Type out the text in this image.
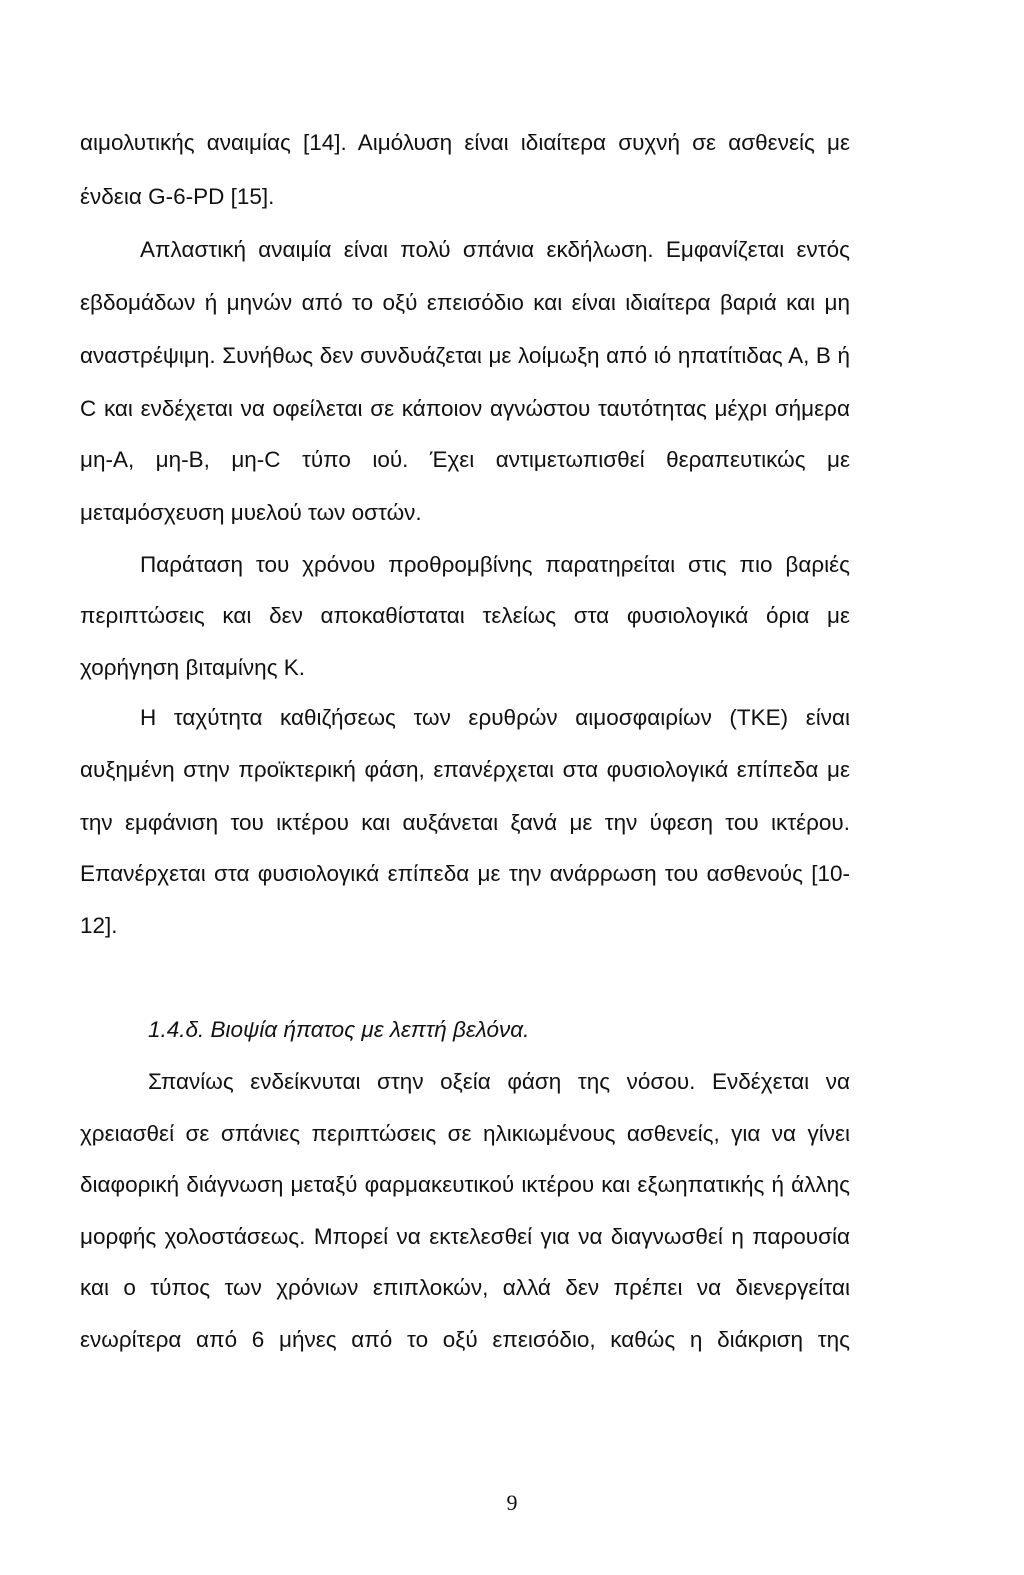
αιμολυτικής αναιμίας [14]. Αιμόλυση είναι ιδιαίτερα συχνή σε ασθενείς με
ένδεια G-6-PD [15].
Απλαστική αναιμία είναι πολύ σπάνια εκδήλωση. Εμφανίζεται εντός
εβδομάδων ή μηνών από το οξύ επεισόδιο και είναι ιδιαίτερα βαριά και μη
αναστρέψιμη. Συνήθως δεν συνδυάζεται με λοίμωξη από ιό ηπατίτιδας Α, Β ή
C και ενδέχεται να οφείλεται σε κάποιον αγνώστου ταυτότητας μέχρι σήμερα
μη-Α, μη-Β, μη-C τύπο ιού. Έχει αντιμετωπισθεί θεραπευτικώς με
μεταμόσχευση μυελού των οστών.
Παράταση του χρόνου προθρομβίνης παρατηρείται στις πιο βαριές
περιπτώσεις και δεν αποκαθίσταται τελείως στα φυσιολογικά όρια με
χορήγηση βιταμίνης Κ.
Η ταχύτητα καθιζήσεως των ερυθρών αιμοσφαιρίων (ΤΚΕ) είναι
αυξημένη στην προϊκτερική φάση, επανέρχεται στα φυσιολογικά επίπεδα με
την εμφάνιση του ικτέρου και αυξάνεται ξανά με την ύφεση του ικτέρου.
Επανέρχεται στα φυσιολογικά επίπεδα με την ανάρρωση του ασθενούς [10-
12].
1.4.δ. Βιοψία ήπατος με λεπτή βελόνα.
Σπανίως ενδείκνυται στην οξεία φάση της νόσου. Ενδέχεται να
χρειασθεί σε σπάνιες περιπτώσεις σε ηλικιωμένους ασθενείς, για να γίνει
διαφορική διάγνωση μεταξύ φαρμακευτικού ικτέρου και εξωηπατικής ή άλλης
μορφής χολοστάσεως. Μπορεί να εκτελεσθεί για να διαγνωσθεί η παρουσία
και ο τύπος των χρόνιων επιπλοκών, αλλά δεν πρέπει να διενεργείται
ενωρίτερα από 6 μήνες από το οξύ επεισόδιο, καθώς η διάκριση της
9
